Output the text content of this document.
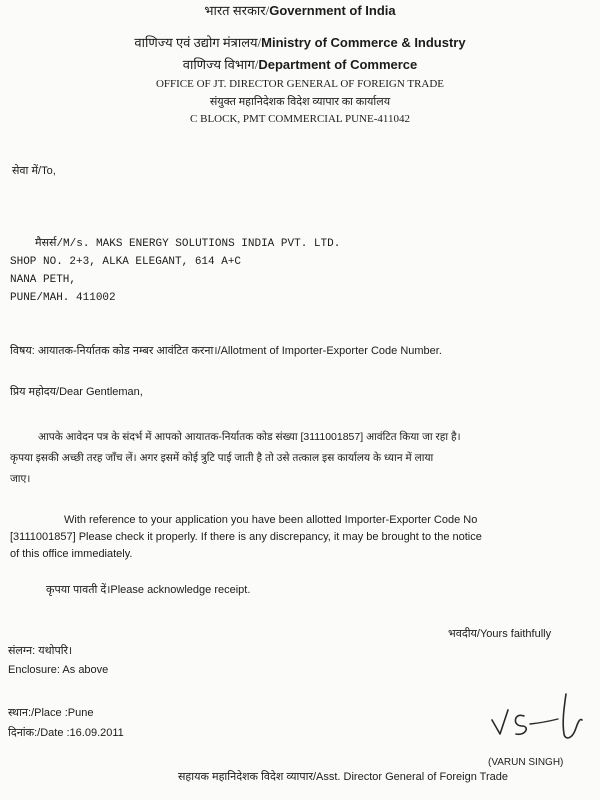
भारत सरकार/Government of India
वाणिज्य एवं उद्योग मंत्रालय/Ministry of Commerce & Industry
वाणिज्य विभाग/Department of Commerce
OFFICE OF JT. DIRECTOR GENERAL OF FOREIGN TRADE
संयुक्त महानिदेशक विदेश व्यापार का कार्यालय
C BLOCK, PMT COMMERCIAL PUNE-411042
सेवा में/To,
मैसर्स/M/s. MAKS ENERGY SOLUTIONS INDIA PVT. LTD.
SHOP NO. 2+3, ALKA ELEGANT, 614 A+C
NANA PETH,
PUNE/MAH. 411002
विषय: आयातक-निर्यातक कोड नम्बर आवंटित करना।/Allotment of Importer-Exporter Code Number.
प्रिय महोदय/Dear Gentleman,
आपके आवेदन पत्र के संदर्भ में आपको आयातक-निर्यातक कोड संख्या [3111001857] आवंटित किया जा रहा है।
कृपया इसकी अच्छी तरह जाँच लें। अगर इसमें कोई त्रुटि पाई जाती है तो उसे तत्काल इस कार्यालय के ध्यान में लाया
जाए।
With reference to your application you have been allotted Importer-Exporter Code No
[3111001857] Please check it properly. If there is any discrepancy, it may be brought to the notice
of this office immediately.
कृपया पावती दें।Please acknowledge receipt.
भवदीय/Yours faithfully
संलग्न: यथोपरि।
Enclosure: As above
स्थान:/Place :Pune
दिनांक:/Date :16.09.2011
(VARUN SINGH)
सहायक महानिदेशक विदेश व्यापार/Asst. Director General of Foreign Trade
